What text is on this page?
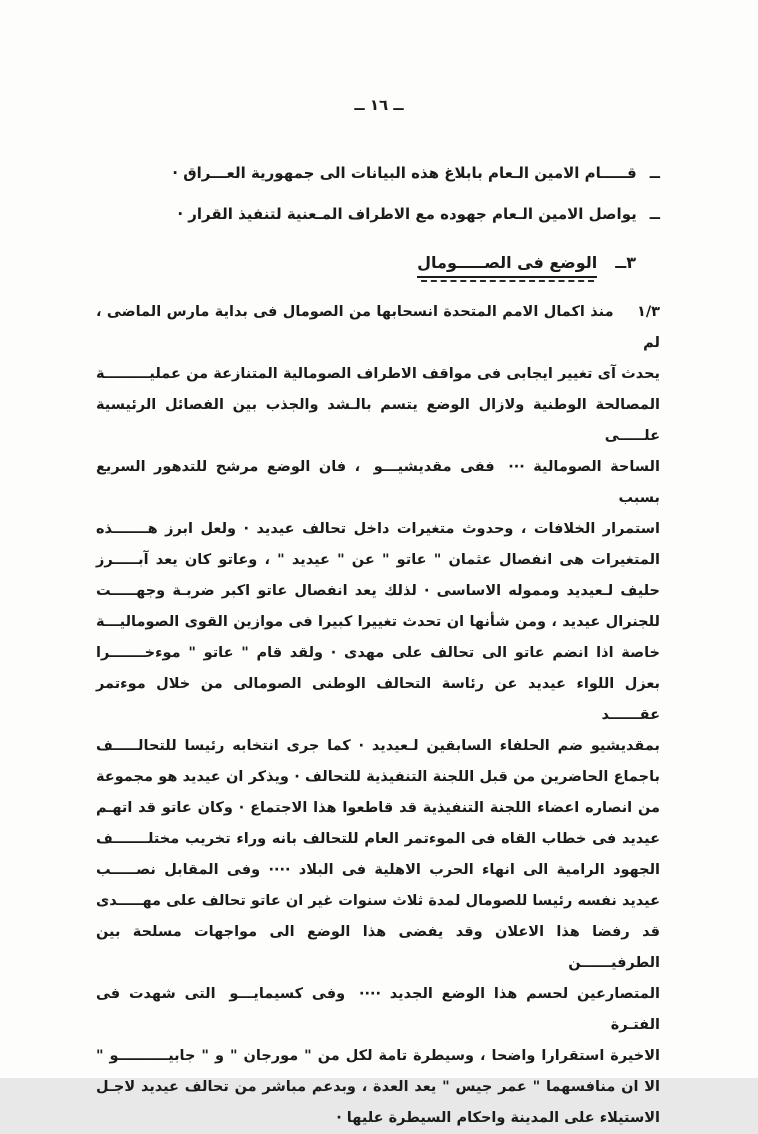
ــ ١٦ ــ
ــ
قـــــام الامين الـعام بابلاغ هذه البيانات الى جمهورية العـــراق ·
ــ
يواصل الامين الـعام جهوده مع الاطراف المـعنية لتنفيذ القرار ·
٣ــ
الوضع فى الصـــــومال
١/٣ منذ اكمال الامم المتحدة انسحابها من الصومال فى بداية مارس الماضى ، لم
يحدث آى تغيير ايجابى فى مواقف الاطراف الصومالية المتنازعة من عمليـــــــــة
المصالحة الوطنية ولازال الوضع يتسم بالـشد والجذب بين الفصائل الرئيسية علـــــى
الساحة الصومالية ··· ففى مقديشيـــو ، فان الوضع مرشح للتدهور السريع بسبب
استمرار الخلافات ، وحدوث متغيرات داخل تحالف عيديد · ولعل ابرز هـــــــذه
المتغيرات هى انفصال عثمان " عاتو " عن " عيديد " ، وعاتو كان يعد آبـــــرز
حليف لـعيديد ومموله الاساسى · لذلك يعد انفصال عاتو اكبر ضربـة وجهـــــت
للجنرال عيديد ، ومن شأنها ان تحدث تغييرا كبيرا فى موازين القوى الصوماليـــة
خاصة اذا انضم عاتو الى تحالف على مهدى · ولقد قام " عاتو " موءخـــــــرا
بعزل اللواء عيديد عن رئاسة التحالف الوطنى الصومالى من خلال موءتمر عقــــــد
بمقديشيو ضم الحلفاء السابقين لـعيديد · كما جرى انتخابه رئيسا للتحالـــــف
باجماع الحاضرين من قبل اللجنة التنفيذية للتحالف · ويذكر ان عيديد هو مجموعة
من انصاره اعضاء اللجنة التنفيذية قد قاطعوا هذا الاجتماع · وكان عاتو قد اتهـم
عيديد فى خطاب القاه فى الموءتمر العام للتحالف بانه وراء تخريب مختلـــــــف
الجهود الرامية الى انهاء الحرب الاهلية فى البلاد ···· وفى المقابل نصـــــب
عيديد نفسه رئيسا للصومال لمدة ثلاث سنوات غير ان عاتو تحالف على مهـــــدى
قد رفضا هذا الاعلان وقد يفضى هذا الوضع الى مواجهات مسلحة بين الطرفيــــــن
المتصارعين لحسم هذا الوضع الجديد ···· وفى كسيمايـــو التى شهدت فى الفتـرة
الاخيرة استقرارا واضحا ، وسيطرة تامة لكل من " مورجان " و " جابيــــــــــو "
الا ان منافسهما " عمر جيس " يعد العدة ، وبدعم مباشر من تحالف عيديد لاجـل
الاستيلاء على المدينة واحكام السيطرة عليها ·
